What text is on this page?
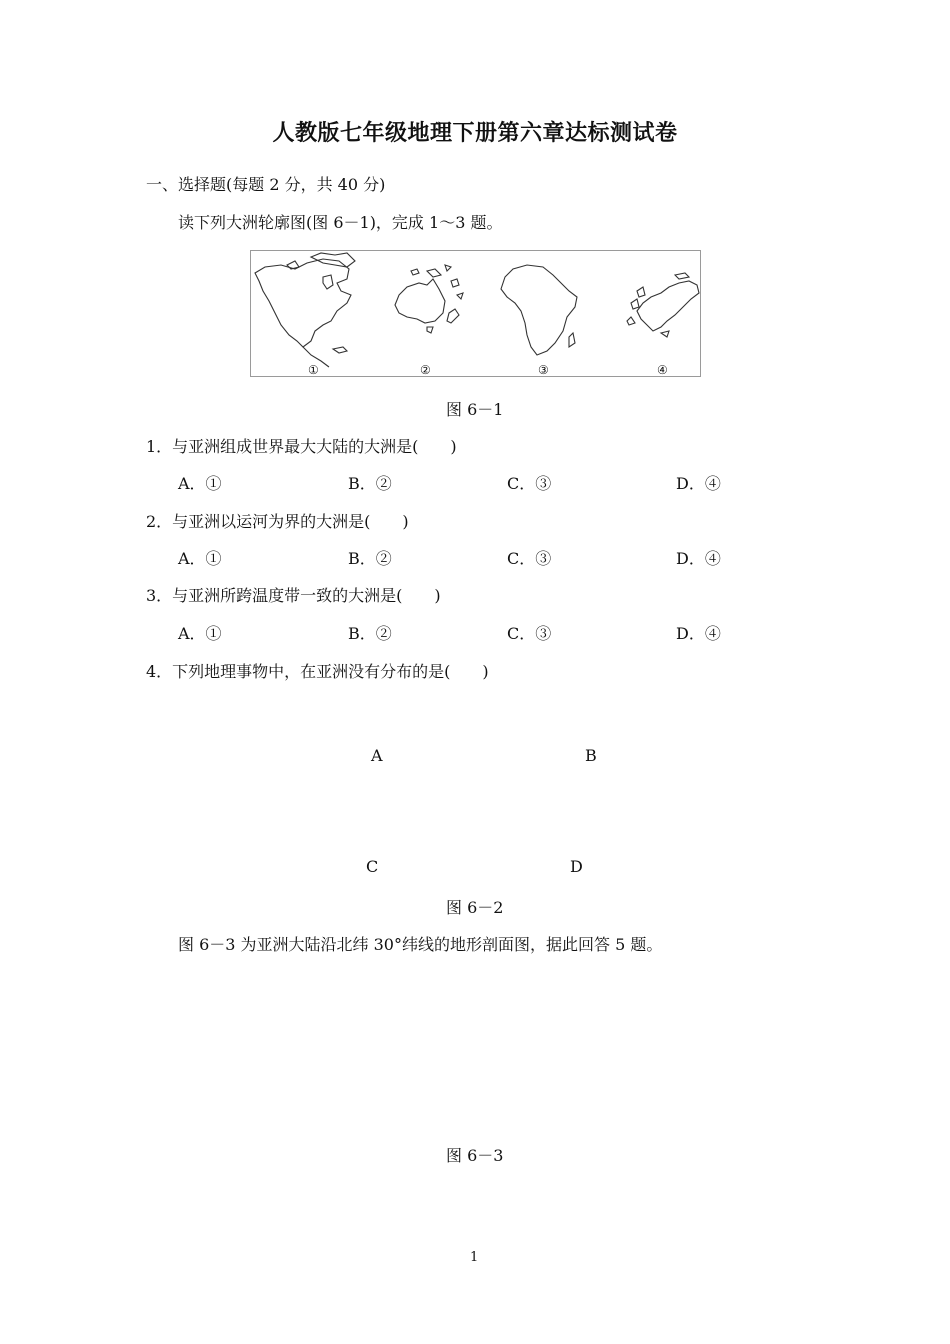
人教版七年级地理下册第六章达标测试卷
一、选择题(每题 2 分，共 40 分)
读下列大洲轮廓图(图 6－1)，完成 1～3 题。
①	②	③	④
图 6－1
1．与亚洲组成世界最大大陆的大洲是(　　)
A．①	B．②	C．③	D．④
2．与亚洲以运河为界的大洲是(　　)
A．①	B．②	C．③	D．④
3．与亚洲所跨温度带一致的大洲是(　　)
A．①	B．②	C．③	D．④
4．下列地理事物中，在亚洲没有分布的是(　　)
A	B
C	D
图 6－2
图 6－3 为亚洲大陆沿北纬 30°纬线的地形剖面图，据此回答 5 题。
图 6－3
1
